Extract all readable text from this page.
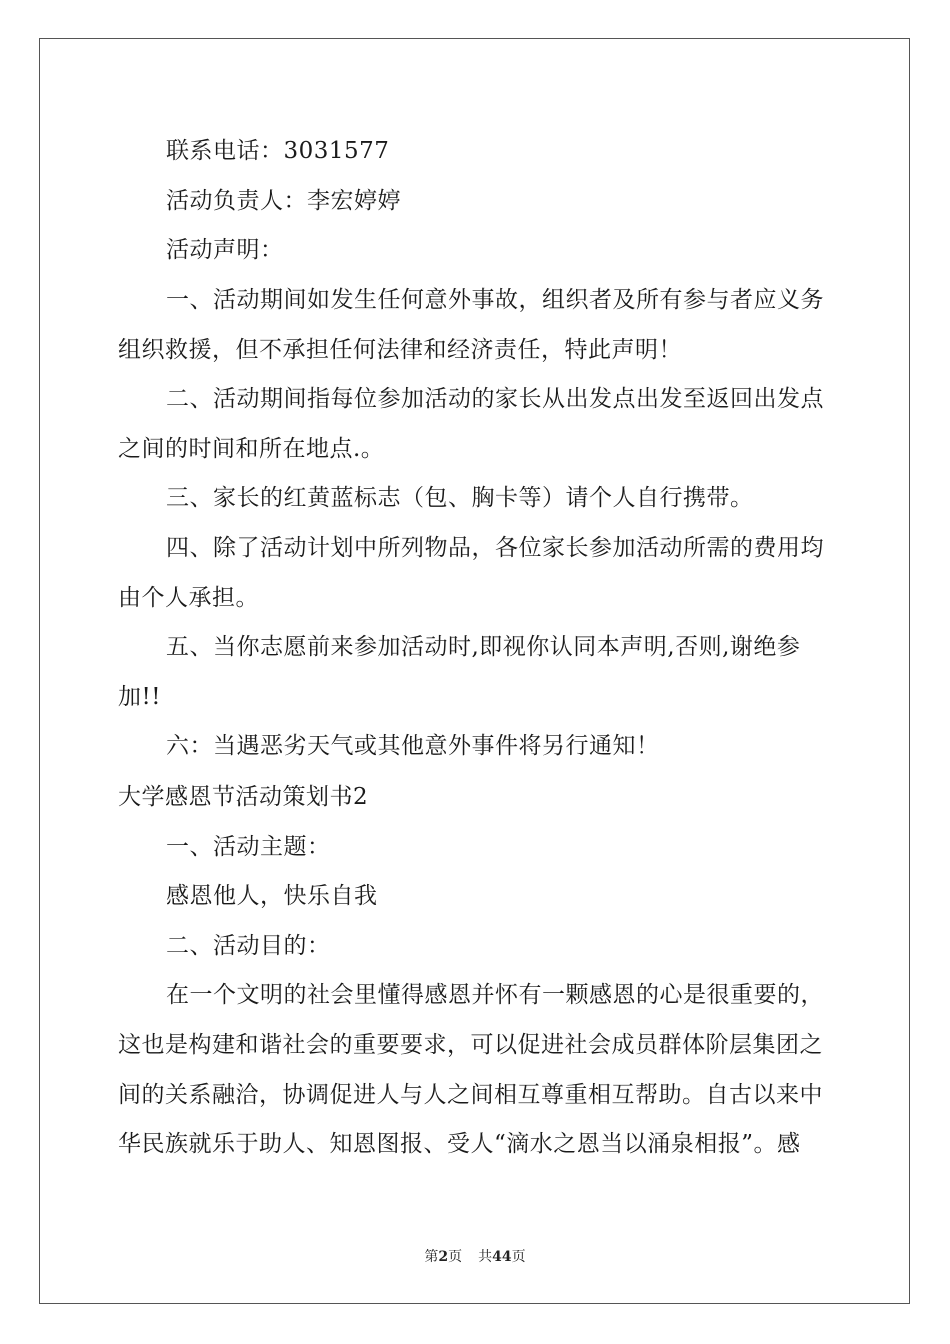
联系电话：3031577
活动负责人：李宏婷婷
活动声明：
一、活动期间如发生任何意外事故，组织者及所有参与者应义务
组织救援，但不承担任何法律和经济责任，特此声明！
二、活动期间指每位参加活动的家长从出发点出发至返回出发点
之间的时间和所在地点.。
三、家长的红黄蓝标志（包、胸卡等）请个人自行携带。
四、除了活动计划中所列物品，各位家长参加活动所需的费用均
由个人承担。
五、当你志愿前来参加活动时,即视你认同本声明,否则,谢绝参
加!!
六：当遇恶劣天气或其他意外事件将另行通知！
大学感恩节活动策划书2
一、活动主题：
感恩他人，快乐自我
二、活动目的：
在一个文明的社会里懂得感恩并怀有一颗感恩的心是很重要的，
这也是构建和谐社会的重要要求，可以促进社会成员群体阶层集团之
间的关系融洽，协调促进人与人之间相互尊重相互帮助。自古以来中
华民族就乐于助人、知恩图报、受人“滴水之恩当以涌泉相报”。感
第2页 共44页
